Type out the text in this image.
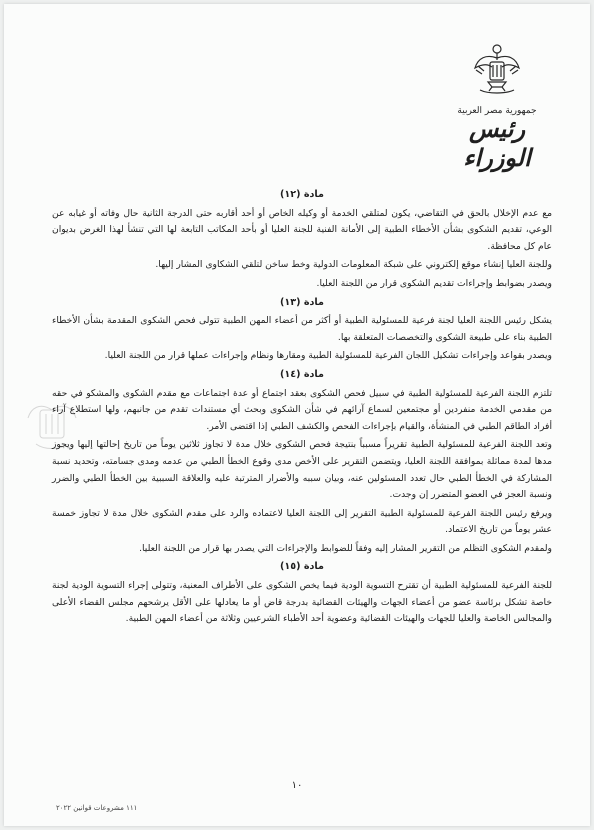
جمهورية مصر العربية
رئيس الوزراء
مادة (١٢)

مع عدم الإخلال بالحق في التقاضي، يكون لمتلقي الخدمة أو وكيله الخاص أو أحد أقاربه حتى الدرجة الثانية حال وفاته أو غيابه عن الوعي، تقديم الشكوى بشأن الأخطاء الطبية إلى الأمانة الفنية للجنة العليا أو بأحد المكاتب التابعة لها التي تنشأ لهذا الغرض بديوان عام كل محافظة.

وللجنة العليا إنشاء موقع إلكتروني على شبكة المعلومات الدولية وخط ساخن لتلقي الشكاوى المشار إليها.

ويصدر بضوابط وإجراءات تقديم الشكوى قرار من اللجنة العليا.

مادة (١٣)

يشكل رئيس اللجنة العليا لجنة فرعية للمسئولية الطبية أو أكثر من أعضاء المهن الطبية تتولى فحص الشكوى المقدمة بشأن الأخطاء الطبية بناء على طبيعة الشكوى والتخصصات المتعلقة بها.

ويصدر بقواعد وإجراءات تشكيل اللجان الفرعية للمسئولية الطبية ومقارها ونظام وإجراءات عملها قرار من اللجنة العليا.

مادة (١٤)

تلتزم اللجنة الفرعية للمسئولية الطبية في سبيل فحص الشكوى بعقد اجتماع أو عدة اجتماعات مع مقدم الشكوى والمشكو في حقه من مقدمي الخدمة منفردين أو مجتمعين لسماع آرائهم في شأن الشكوى وبحث أي مستندات تقدم من جانبهم، ولها استطلاع آراء أفراد الطاقم الطبي في المنشأة، والقيام بإجراءات الفحص والكشف الطبي إذا اقتضى الأمر.

وتعد اللجنة الفرعية للمسئولية الطبية تقريراً مسبباً بنتيجة فحص الشكوى خلال مدة لا تجاوز ثلاثين يوماً من تاريخ إحالتها إليها ويجوز مدها لمدة مماثلة بموافقة اللجنة العليا، ويتضمن التقرير على الأخص مدى وقوع الخطأ الطبي من عدمه ومدى جسامته، وتحديد نسبة المشاركة في الخطأ الطبي حال تعدد المسئولين عنه، وبيان سببه والأضرار المترتبة عليه والعلاقة السببية بين الخطأ الطبي والضرر ونسبة العجز في العضو المتضرر إن وجدت.

ويرفع رئيس اللجنة الفرعية للمسئولية الطبية التقرير إلى اللجنة العليا لاعتماده والرد على مقدم الشكوى خلال مدة لا تجاوز خمسة عشر يوماً من تاريخ الاعتماد.

ولمقدم الشكوى التظلم من التقرير المشار إليه وفقاً للضوابط والإجراءات التي يصدر بها قرار من اللجنة العليا.

مادة (١٥)

للجنة الفرعية للمسئولية الطبية أن تقترح التسوية الودية فيما يخص الشكوى على الأطراف المعنية، وتتولى إجراء التسوية الودية لجنة خاصة تشكل برئاسة عضو من أعضاء الجهات والهيئات القضائية بدرجة قاض أو ما يعادلها على الأقل يرشحهم مجلس القضاء الأعلى والمجالس الخاصة والعليا للجهات والهيئات القضائية وعضوية أحد الأطباء الشرعيين وثلاثة من أعضاء المهن الطبية.

١٠
١١١ مشروعات قوانين ٢٠٢٢
